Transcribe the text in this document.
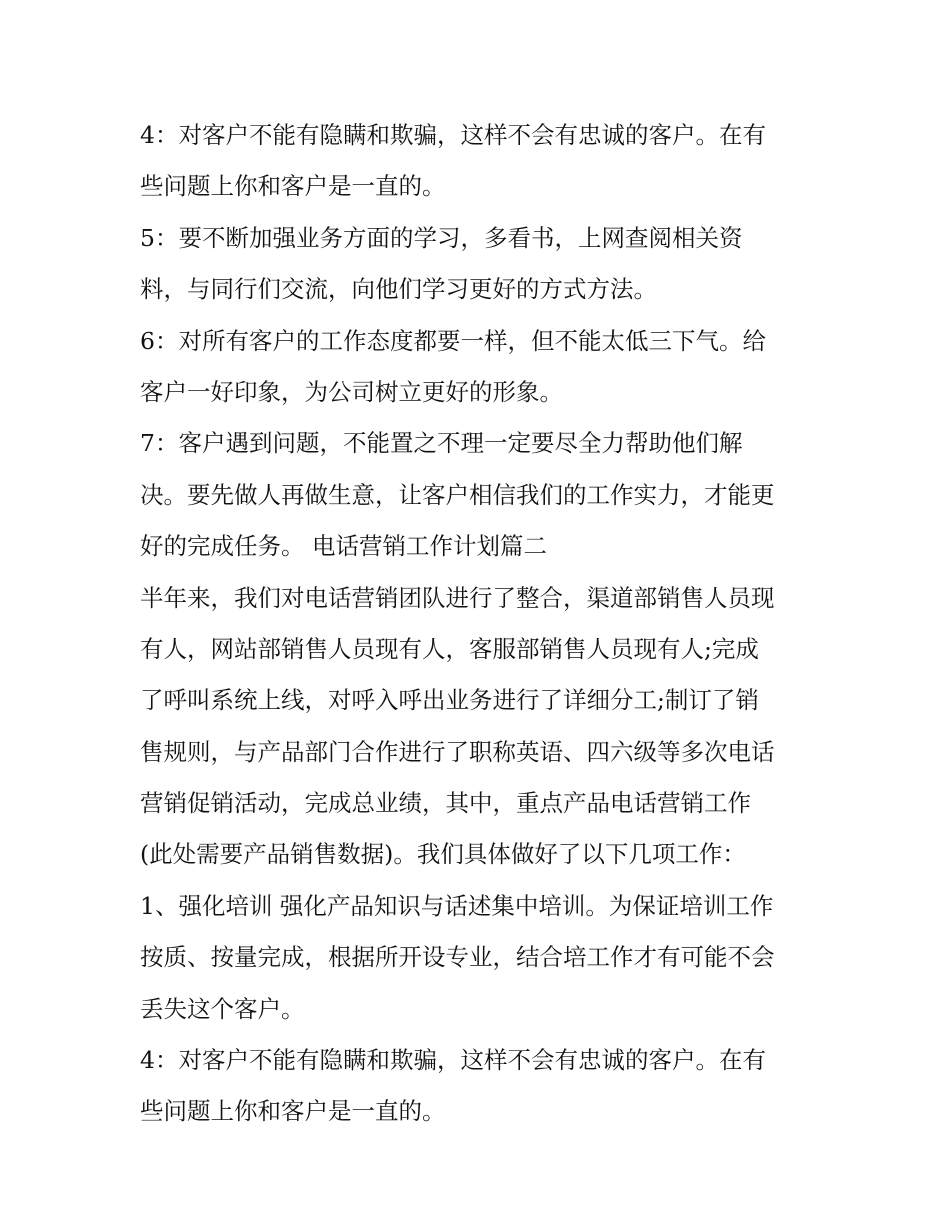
4：对客户不能有隐瞒和欺骗，这样不会有忠诚的客户。在有
些问题上你和客户是一直的。
5：要不断加强业务方面的学习，多看书，上网查阅相关资
料，与同行们交流，向他们学习更好的方式方法。
6：对所有客户的工作态度都要一样，但不能太低三下气。给
客户一好印象，为公司树立更好的形象。
7：客户遇到问题，不能置之不理一定要尽全力帮助他们解
决。要先做人再做生意，让客户相信我们的工作实力，才能更
好的完成任务。 电话营销工作计划篇二
半年来，我们对电话营销团队进行了整合，渠道部销售人员现
有人，网站部销售人员现有人，客服部销售人员现有人;完成
了呼叫系统上线，对呼入呼出业务进行了详细分工;制订了销
售规则，与产品部门合作进行了职称英语、四六级等多次电话
营销促销活动，完成总业绩，其中，重点产品电话营销工作
(此处需要产品销售数据)。我们具体做好了以下几项工作：
1、强化培训 强化产品知识与话述集中培训。为保证培训工作
按质、按量完成，根据所开设专业，结合培工作才有可能不会
丢失这个客户。
4：对客户不能有隐瞒和欺骗，这样不会有忠诚的客户。在有
些问题上你和客户是一直的。
